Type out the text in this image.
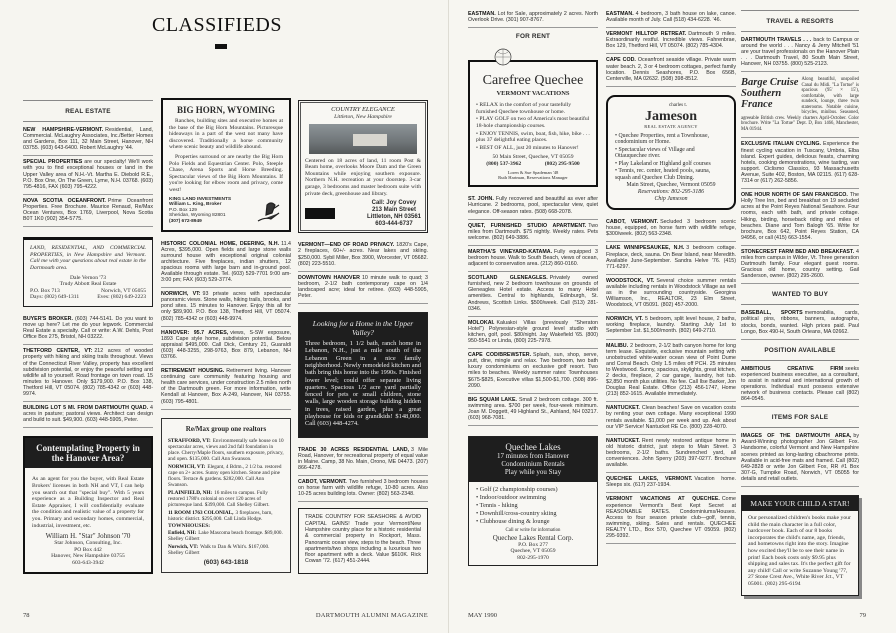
CLASSIFIEDS
REAL ESTATE
NEW HAMPSHIRE-VERMONT. Residential, Land, Commercial. McLaughry Associates, Inc./Better Homes and Gardens, Box 111, 32 Main Street, Hanover, NH 03755. (603) 643-6400. Robert McLaughry '44.
SPECIAL PROPERTIES are our specialty! We'll work with you to find exceptional houses or land in the Upper Valley area of N.H.-Vt. Martha E. Diebold R.E., P.O. Box One, On The Green, Lyme, N.H. 03768. (603) 795-4816, FAX (603) 795-4222.
NOVA SCOTIA OCEANFRONT. Prime Oceanfront Properties. Free Brochure. Maurice Renaud, Re/Max Ocean Ventures, Box 1769, Liverpool, Nova Scotia B0T 1K0 (902) 354-5775.

LAND, RESIDENTIAL, AND COMMERCIAL PROPERTIES, in New Hampshire and Vermont. Call me with your questions about real estate in the Dartmouth area.

Dale Vernon '73
Trudy Abbott Real Estate
P.O. Box 713	Norwich, VT 05055
Days: (802) 649-1311	Eves: (802) 649-2223
BUYER'S BROKER. (603) 744-5141. Do you want to move up here? Let me do your legwork. Commercial Real Estate a specialty. Call or write: A.W. Dehls, Post Office Box 275, Bristol, NH 03222.
THETFORD CENTER, VT: 212 acres of wooded property with hiking and skiing trails throughout. Views of the Connecticut River Valley, property has excellent subdivision potential, or enjoy the peaceful setting and wildlife all to yourself. Road frontage on town road. 15 minutes to Hanover. Only $179,900. P.O. Box 138, Thetford Hill, VT 05074. (802) 785-4342 or (603) 448-9974.
BUILDING LOT 5 MI. FROM DARTMOUTH QUAD. 4 acres in pasture; pastoral views. Architect can design and build to suit. $49,900. (603) 448-5905, Peter.
Contemplating Property in the Hanover Area?

As an agent for you the buyer, with Real Estate Brokers' licenses in both NH and VT, I can help you search out that "special buy". With 5 years experience as a Building Inspector and Real Estate Appraiser, I will confidentially evaluate the condition and realistic value of a property for you. Primary and secondary homes, commercial, industrial, investment, etc.

William H. "Star" Johnson '70
Star Johnson, Consulting, Inc.
PO Box 442
Hanover, New Hampshire 03755
603-643-3942
BIG HORN, WYOMING

Ranches, building sites and executive homes at the base of the Big Horn Mountains. Picturesque hideaways in a part of the west not many have discovered. Traditionally a horse community where scenic beauty and wildlife abound.

Properties surround or are nearby the Big Horn Polo Fields and Equestrian Center. Polo, Steeple Chase, Arena Sports and Horse Breeding. Spectacular views of the Big Horn Mountains. If you're looking for elbow room and privacy, come west!

KING LAND INVESTMENTS
William L. King, Broker
P.O. Box 129
Sheridan, Wyoming 82801
(307) 672-8949
HISTORIC COLONIAL HOME, DEERING, N.H. 11.4 Acres, $395,000. Open fields and large stone walls surround house with exceptional original colonial architecture. Five fireplaces, indian shutters, 12 spacious rooms with large barn and in-ground pool. Available through estate. Tel. (603) 529-7701 9:00 am-3:00 pm; FAX (603) 529-3774.
NORWICH, VT: 93 private acres with spectacular panoramic views. Stone walls, hiking trails, brooks, and pond sites. 15 minutes to Hanover. Enjoy this all for only $89,900. P.O. Box 138, Thetford Hill, VT 05074. (802) 785-4342 or (603) 448-9974.
HANOVER: 95.7 ACRES, views, S-SW exposure, 1893 Cape style home, subdivision potential. Below appraisal $495,000. Call Dick, Century 21, Guaraldi (603) 448-3255, 298-9763, Box 879, Lebanon, NH 03766.
RETIREMENT HOUSING. Retirement living. Hanover continuing care community featuring housing and health care services, under construction 2.5 miles north of the Dartmouth green. For more information, write Kendall at Hanover, Box A-249, Hanover, NH 03755. (603) 795-4801.
Re/Max group one realtors
STRAFFORD, VT: Environmentally safe house on 10 spectacular acres, views and 2nd fall foundation in place. Cherry/Maple floors, southern exposure, privacy, and open. $135,000. Call Ann Swanson.
NORWICH, VT: Elegant, 4 Bdrm., 2 1/2 ba. restored cape on 2+ acres. Sunny open kitchen. Stone and pine floors. Terrace & gardens. $282,000. Call Ann Swanson.
PLAINFIELD, NH: 16 miles to campus. Fully restored 1780's colonial on over 120 acres of picturesque land. $399,000. Call Shelley Gilbert.
11 ROOM 1763 COLONIAL, 3 fireplaces, barn, historic district. $295,000. Call Linda Hodge.
TOWNHOUSES:
Enfield, NH: Lake Mascoma beach frontage. $89,000. Shelley Gilbert
Norwich, VT: Walk to Dan & Whit's. $167,000. Shelley Gilbert
(603) 643-1818
COUNTRY ELEGANCE
Littleton, New Hampshire

Centered on 18 acres of land, 11 room Post & Beam home, overlooks Moore Dam and the Green Mountains while enjoying southern exposure. Northern N.H. recreation at your doorstep. 3-car garage, 3 bedrooms and master bedroom suite with private deck, greenhouse and library.

Call: Joy Covey
213 Main Street
Littleton, NH 03561
603-444-6737
VERMONT—END OF ROAD PRIVACY. 1820's Cape, 2 fireplaces, 60+/- acres. Near lakes and skiing. $250,000. Sybil Miller, Box 3900, Worcester, VT 05682. (802) 223-5510.
DOWNTOWN HANOVER 10 minute walk to quad; 3 bedroom, 2-1/2 bath contemporary cape on 1/4 landscaped acre; ideal for retiree. (603) 448-5905, Peter.
Looking for a Home in the Upper Valley?

Three bedroom, 1 1/2 bath, ranch home in Lebanon, N.H., just a mile south of the Lebanon Green in a nice family neighborhood. Newly remodeled kitchen and bath bring this home into the 1990s. Finished lower level; could offer separate living quarters. Spacious 1/2 acre yard partially fenced for pets or small children, stone walls, large wooden storage building hidden in trees, raised garden, plus a great playhouse for kids or grandkids! $148,000. Call (603) 448-4274.

TRADE 30 ACRES RESIDENTIAL LAND, 3 Mile Road, Hanover, for recreational property of equal value in Maine. Camp, 38 No. Main, Orono, ME 04473. (207) 866-4278.
CABOT, VERMONT. Two furnished 3 bedroom houses on horse farm with wildlife refuge, 10-80 acres. Also 10-25 acres building lots. Owner: (802) 563-2348.

TRADE COUNTRY FOR SEASHORE & AVOID CAPITAL GAINS! Trade your Vermont/New Hampshire country place for a historic residential & commercial property in Rockport, Mass. Panoramic ocean view, steps to the beach. Three apartments/two shops including a luxurious two floor apartment with a deck. Value $610K. Rick Cowan '72. (617) 451-2444.

78	DARTMOUTH ALUMNI MAGAZINE
EASTMAN. Lot for Sale, approximately 2 acres. North Overlook Drive. (301) 907-8767.
FOR RENT
Carefree Quechee
VERMONT VACATIONS
• RELAX in the comfort of your tastefully furnished Quechee townhouse or home.
• PLAY GOLF on two of America's most beautiful 18-hole championship courses.
• ENJOY TENNIS, swim, boat, fish, hike, bike . . . plus 37 delightful eating places.
• BEST OF ALL, just 20 minutes to Hanover!
50 Main Street, Quechee, VT 05059
(800) 537-3962	(802) 295-9500
Loren & Sue Spademan '48
Ruth Hartman, Reservations Manager
ST. JOHN. Fully recovered and beautiful as ever after Hurricane. 2 bedrooms, pool, spectacular view, quiet elegance. Off-season rates. (508) 668-2078.
QUIET, FURNISHED STUDIO APARTMENT. Two miles from Dartmouth. $75 nightly. Weekly rates. Pets welcome. (802) 649-3886.
MARTHA'S VINEYARD-KATAMA. Fully equipped 3 bedroom house. Walk to South Beach, views of ocean, adjacent to conservation area. (212) 860-0160.
SCOTLAND GLENEAGLES. Privately owned furnished, new 2 bedroom townhouse on grounds of Gleneagles Hotel estate. Access to many Hotel amenities. Central to highlands, Edinburgh, St. Andrews, Scottish Links. $500/week. Call (513) 281-0346.
MOLOKAI. Kaluakoi Villas (previously "Sheraton Hotel") Polynesian-style ground level studio with kitchen, golf, pool. $80/night. Jay Wakefield '65. (800) 950-5541 or Linda, (800) 225-7978.
CAPE COD/BREWSTER. Splash, sun, shop, serve, putt, dine, mingle and relax. Two bedroom, two bath luxury condominiums on exclusive golf resort. Two miles to beaches. Weekly summer rates: Townhouses $675-$825, Executive villas $1,500-$1,700. (508) 896-2090.
BIG SQUAM LAKE. Small 2 bedroom cottage. 300 ft. swimming area. $700 per week, four-week minimum. Joan M. Doggett, 49 Highland St., Ashland, NH 03217. (603) 968-7081.
Quechee Lakes
17 minutes from Hanover
Condominium Rentals
Play while you Stay
• Golf (2 championship courses)
• Indoor/outdoor swimming
• Tennis - hiking
• Downhill/cross-country skiing
• Clubhouse dining & lounge
Call or write for information
Quechee Lakes Rental Corp.
P.O. Box 277
Quechee, VT 05059
802-295-1970
EASTMAN. 4 bedroom, 3 bath house on lake, canoe. Available month of July. Call (518) 434-6228. '46.
VERMONT HILLTOP RETREAT. Dartmouth 9 miles. Extraordinarily restful. Incredible views. Fahrenbrae, Box 129, Thetford Hill, VT 05074. (802) 785-4304.
CAPE COD. Oceanfront seaside village. Private warm water beach. 2, 3 or 4 bedroom cottages, perfect family location. Dennis Seashores, P.O. Box 656B, Centerville, MA 02632. (508) 398-8512.
charles t.
Jameson
REAL ESTATE AGENCY
• Quechee Properties, rent a Townhouse, condominium or Home.
• Spectacular views of Village and Ottauquechee river.
• Play Lakeland or Highland golf courses
• Tennis, rec. center, heated pools, sauna, squash and Quechee Club Dining.
Main Street, Quechee, Vermont 05059
Reservations: 802-295-3186
Chip Jameson
CABOT, VERMONT. Secluded 3 bedroom scenic house, equipped, on horse farm with wildlife refuge, $300/week. (802) 563-2348.
LAKE WINNIPESAUKEE, N.H. 3 bedroom cottage. Fireplace, deck, sauna. On Bear Island, near Meredith. Available June-September. Sandra Helve '76. (415) 771-6297.
WOODSTOCK, VT. Several choice summer rentals available including rentals in Woodstock Village as well as in the surrounding countryside. Georgina Williamson, Inc., REALTOR, 23 Elm Street, Woodstock, VT 05091. (802) 457-2000.
NORWICH, VT. 5 bedroom, split level house, 2 baths, working fireplace, laundry. Starting July 1st to September 1st. $1,500/month. (802) 649-2710.
MALIBU. 2 bedroom, 2-1/2 bath canyon home for long term lease. Exquisite, exclusive mountain setting with unobstructed white-water ocean view of Point Dume and Corral Beach. Only 1.5 miles off PCH. 25 minutes to Westwood. Sunny, spacious, skylights, great kitchen, 2 decks, fireplace, 2 car garage, laundry, hot tub. $2,850 month plus utilities. No fee. Call Ilse Barker, Jon Douglas Real Estate. Office (213) 456-1747, Home (213) 852-1615. Available immediately.
NANTUCKET. Clean beaches! Save on vacation costs by renting your own cottage. Many exceptional 1990 rentals available. $1,000 per week and up. Ask about our VIP Service! Nantucket RE Co. (800) 228-4070.
NANTUCKET. Rent newly restored antique home in old historic district, just steps to Main Street. 3 bedrooms, 2-1/2 baths. Sundrenched yard, all conveniences. John Sperry (203) 397-0277. Brochure available.
QUECHEE LAKES, VERMONT. Vacation home. Sleeps six. (617) 237-1934.
VERMONT VACATIONS AT QUECHEE. Come experience Vermont's Best Kept Secret at REASONABLE RATES. Condominiums/Houses. Access to four season private club—golf, tennis, swimming, skiing. Sales and rentals. QUECHEE REALTY LTD., Box 570, Quechee VT 05059. (802) 295-9392.
TRAVEL & RESORTS
DARTMOUTH TRAVELS . . . back to Campus or around the world . . . Nancy & Jerry Mitchell '51 are your travel professionals on the Hanover Plain . . . Dartmouth Travel, 80 South Main Street, Hanover, NH 03755. (800) 525-2123.
Barge Cruise
Southern
France

Along beautiful, unspoiled Canal du Midi. "La Tortue" is spacious (95' × 15'), comfortable, with large sundeck, lounge, three twin staterooms. Notable cuisine, bicycles, minibus. Seasoned, agreeable British crew. Weekly charters April-October. Color brochure. Write "La Tortue" Dept. D, Box 1466, Manchester, MA 01944.

EXCLUSIVE ITALIAN CYCLING. Experience the finest cycling vacation in Tuscany, Umbria, Elba island. Expert guides, delicious feasts, charming hotels, cooking demonstrations, wine tasting, van support. Ciclismo Classico, 93 Massachusetts Avenue, Suite 402, Boston, MA 02115. (617) 628-7314 or (617) 262-5856.
ONE HOUR NORTH OF SAN FRANCISCO. The Holly Tree Inn, bed and breakfast on 19 secluded acres at the Point Reyes National Seashore. Four rooms, each with bath, and private cottage. Hiking, birding, horseback riding and miles of beaches. Diane and Tom Balogh '65. Write for brochure, Box 642, Point Reyes Station, CA 94956, or call (415) 663-1554.
STONECREST FARM BED AND BREAKFAST. 4 miles from campus in Wilder, Vt. Three generation Dartmouth family. Four elegant guest rooms. Gracious old home, country setting. Gail Sanderson, owner. (802) 295-2600.
WANTED TO BUY
BASEBALL, SPORTS memorabilia, cards, political pins, ribbons, banners, autographs, stocks, bonds, wanted. High prices paid. Paul Longo, Box 490-H, South Orleans, MA 02662.
POSITION AVAILABLE
AMBITIOUS CREATIVE FIRM seeks experienced business executive, as a consultant, to assist in national and international growth of operations. Individual must possess extensive network of business contacts. Please call (802) 864-0545.
ITEMS FOR SALE
IMAGES OF THE DARTMOUTH AREA, by Award-Winning photographer Jon Gilbert Fox. Handsome, colorful Vermont and New Hampshire scenes printed as long-lasting cibachrome prints. Available in acid-free mats and framed. Call (802) 649-2828 or write Jon Gilbert Fox, RR #1 Box 307-G, Turnpike Road, Norwich, VT 05055 for details and retail outlets.
MAKE YOUR CHILD A STAR!

Our personalized children's books make your child the main character in a full color, hardcover book. Each of our 8 books incorporates the child's name, age, friends, and hometowns right into the story. Imagine how excited they'll be to see their name in print! Each book costs only $9.95 plus shipping and sales tax. It's the perfect gift for any child! Call or write Suzanne Young '77, 27 Stone Crest Ave., White River Jct., VT 05001. (802) 295-6194

MAY 1990	79
